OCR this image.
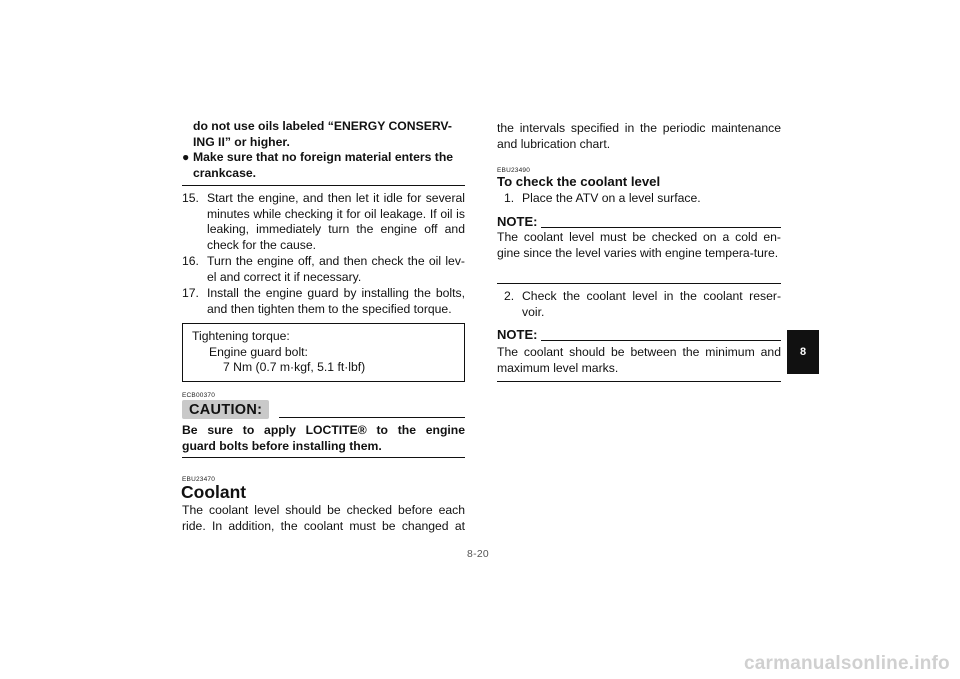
do not use oils labeled “ENERGY CONSERV-
ING II” or higher.
● Make sure that no foreign material enters the
crankcase.
15. Start the engine, and then let it idle for several minutes while checking it for oil leakage. If oil is leaking, immediately turn the engine off and check for the cause.
16. Turn the engine off, and then check the oil lev-el and correct it if necessary.
17. Install the engine guard by installing the bolts, and then tighten them to the specified torque.
Tightening torque:
Engine guard bolt:
7 Nm (0.7 m·kgf, 5.1 ft·lbf)
ECB00370
CAUTION:
Be sure to apply LOCTITE® to the engine
guard bolts before installing them.
EBU23470
Coolant
The coolant level should be checked before each
ride. In addition, the coolant must be changed at
the intervals specified in the periodic maintenance
and lubrication chart.
EBU23490
To check the coolant level
1. Place the ATV on a level surface.
NOTE:
The coolant level must be checked on a cold en-gine since the level varies with engine tempera-ture.
2. Check the coolant level in the coolant reser-voir.
NOTE:
The coolant should be between the minimum and maximum level marks.
8
8-20
carmanualsonline.info
